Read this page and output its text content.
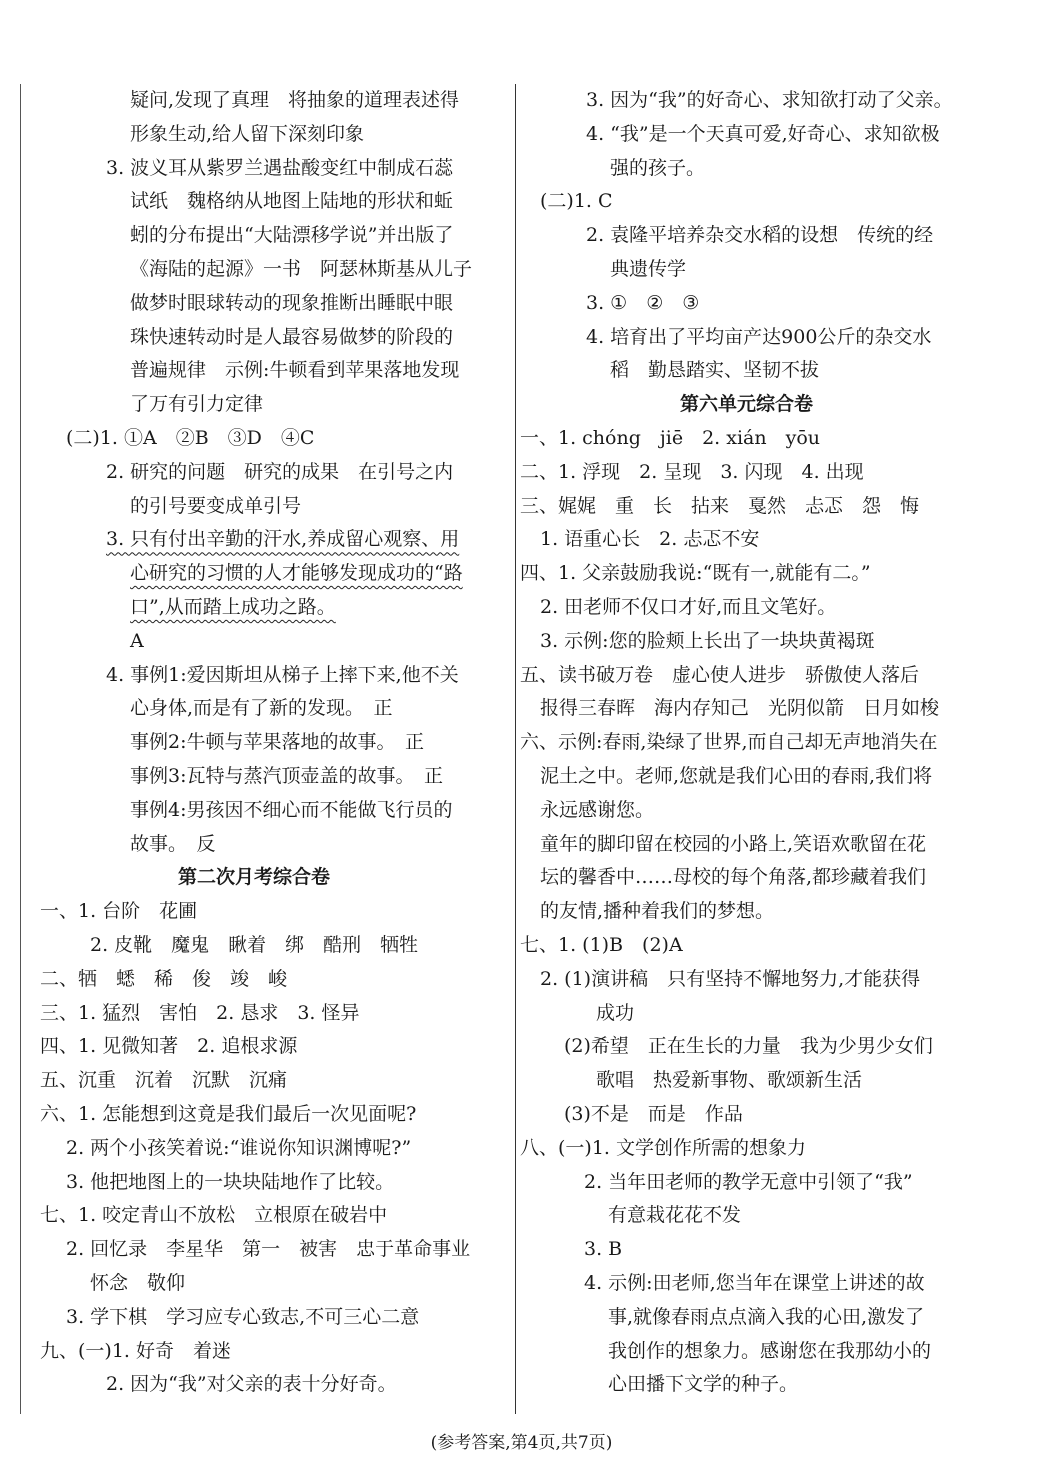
疑问,发现了真理　将抽象的道理表述得
形象生动,给人留下深刻印象
3. 波义耳从紫罗兰遇盐酸变红中制成石蕊
试纸　魏格纳从地图上陆地的形状和蚯
蚓的分布提出“大陆漂移学说”并出版了
《海陆的起源》一书　阿瑟林斯基从儿子
做梦时眼球转动的现象推断出睡眠中眼
珠快速转动时是人最容易做梦的阶段的
普遍规律　示例:牛顿看到苹果落地发现
了万有引力定律
(二)1. ①A　②B　③D　④C
2. 研究的问题　研究的成果　在引号之内
的引号要变成单引号
3. 只有付出辛勤的汗水,养成留心观察、用
心研究的习惯的人才能够发现成功的“路
口”,从而踏上成功之路。
A
4. 事例1:爱因斯坦从梯子上摔下来,他不关
心身体,而是有了新的发现。　正
事例2:牛顿与苹果落地的故事。　正
事例3:瓦特与蒸汽顶壶盖的故事。　正
事例4:男孩因不细心而不能做飞行员的
故事。　反
第二次月考综合卷
一、1. 台阶　花圃
2. 皮靴　魔鬼　瞅着　绑　酷刑　牺牲
二、牺　蟋　稀　俊　竣　峻
三、1. 猛烈　害怕　2. 恳求　3. 怪异
四、1. 见微知著　2. 追根求源
五、沉重　沉着　沉默　沉痛
六、1. 怎能想到这竟是我们最后一次见面呢?
2. 两个小孩笑着说:“谁说你知识渊博呢?”
3. 他把地图上的一块块陆地作了比较。
七、1. 咬定青山不放松　立根原在破岩中
2. 回忆录　李星华　第一　被害　忠于革命事业
怀念　敬仰
3. 学下棋　学习应专心致志,不可三心二意
九、(一)1. 好奇　着迷
2. 因为“我”对父亲的表十分好奇。
3. 因为“我”的好奇心、求知欲打动了父亲。
4. “我”是一个天真可爱,好奇心、求知欲极
强的孩子。
(二)1. C
2. 袁隆平培养杂交水稻的设想　传统的经
典遗传学
3. ①　②　③
4. 培育出了平均亩产达900公斤的杂交水
稻　勤恳踏实、坚韧不拔
第六单元综合卷
一、1. chóng　jiē　2. xián　yōu
二、1. 浮现　2. 呈现　3. 闪现　4. 出现
三、娓娓　重　长　拈来　戛然　忐忑　怨　悔
1. 语重心长　2. 忐忑不安
四、1. 父亲鼓励我说:“既有一,就能有二。”
2. 田老师不仅口才好,而且文笔好。
3. 示例:您的脸颊上长出了一块块黄褐斑
五、读书破万卷　虚心使人进步　骄傲使人落后
报得三春晖　海内存知己　光阴似箭　日月如梭
六、示例:春雨,染绿了世界,而自己却无声地消失在
泥土之中。老师,您就是我们心田的春雨,我们将
永远感谢您。
童年的脚印留在校园的小路上,笑语欢歌留在花
坛的馨香中……母校的每个角落,都珍藏着我们
的友情,播种着我们的梦想。
七、1. (1)B　(2)A
2. (1)演讲稿　只有坚持不懈地努力,才能获得
成功
(2)希望　正在生长的力量　我为少男少女们
歌唱　热爱新事物、歌颂新生活
(3)不是　而是　作品
八、(一)1. 文学创作所需的想象力
2. 当年田老师的教学无意中引领了“我”
有意栽花花不发
3. B
4. 示例:田老师,您当年在课堂上讲述的故
事,就像春雨点点滴入我的心田,激发了
我创作的想象力。感谢您在我那幼小的
心田播下文学的种子。
(参考答案,第4页,共7页)
